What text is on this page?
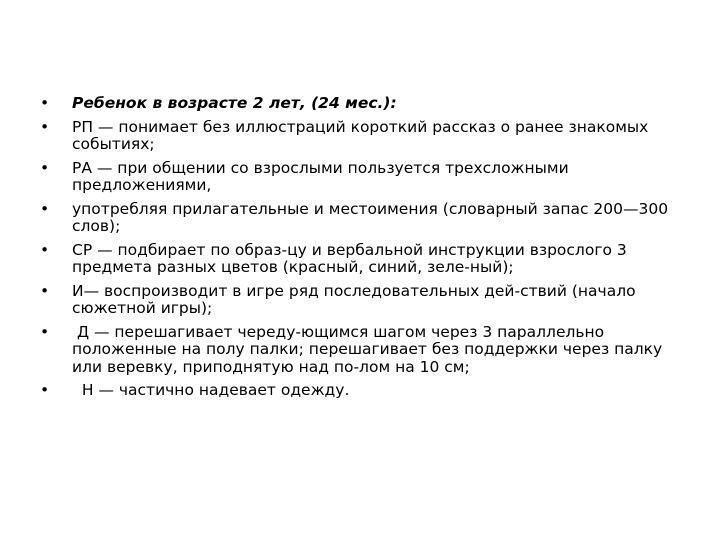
•	Ребенок в возрасте 2 лет, (24 мес.):
•	РП — понимает без иллюстраций короткий рассказ о ранее знакомых событиях;
•	РА — при общении со взрослыми пользуется трехсложными предложениями,
•	употребляя прилагательные и местоимения (словарный запас 200—300 слов);
•	СР — подбирает по образ-цу и вербальной инструкции взрослого 3 предмета разных цветов (красный, синий, зеле-ный);
•	И— воспроизводит в игре ряд последовательных дей-ствий (начало сюжетной игры);
•	Д — перешагивает череду-ющимся шагом через 3 параллельно положенные на полу палки; перешагивает без поддержки через палку или веревку, приподнятую над по-лом на 10 см;
•	Н — частично надевает одежду.
